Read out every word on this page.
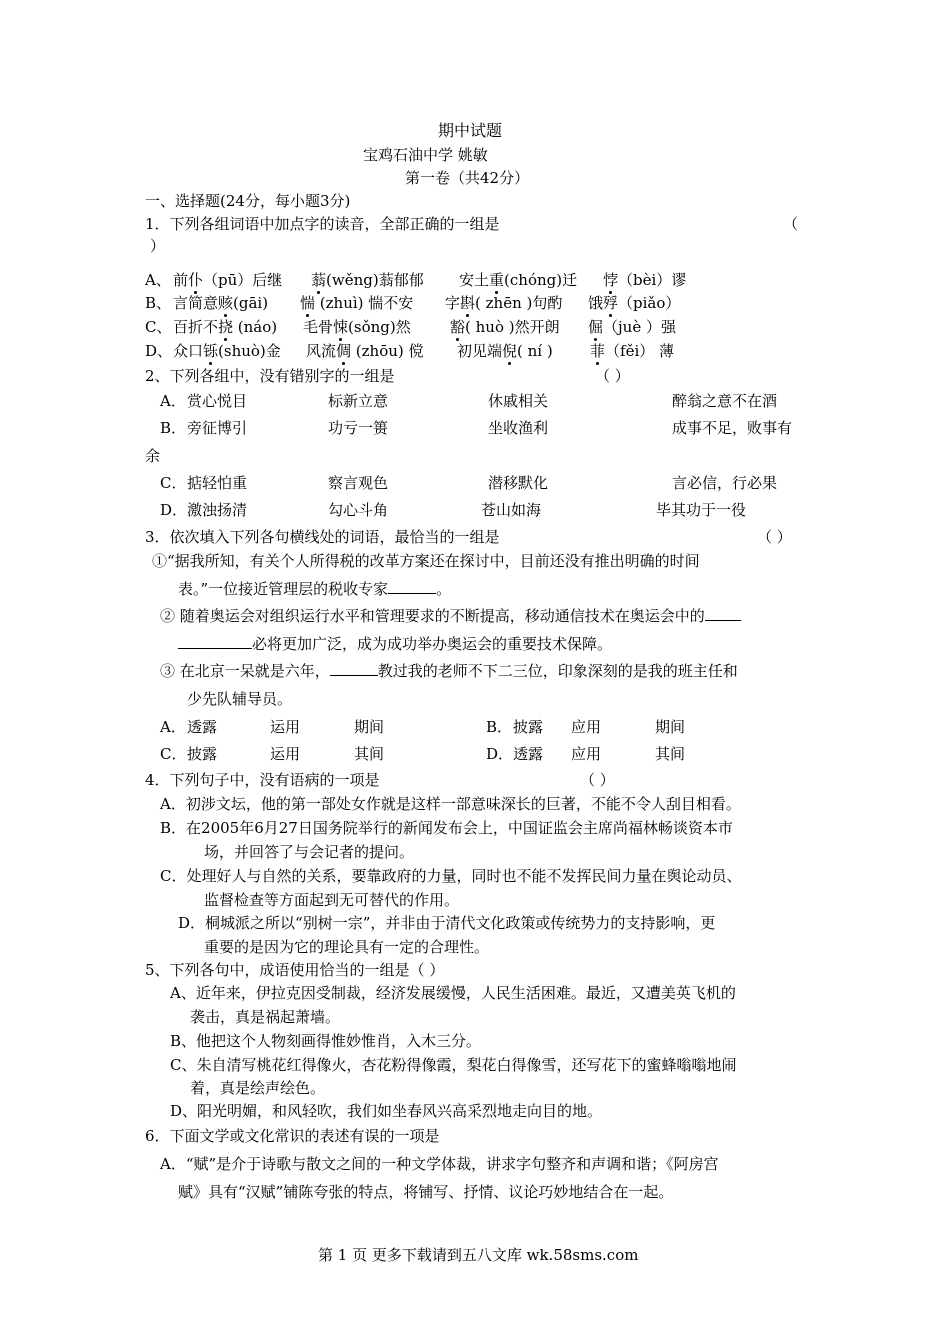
期中试题
宝鸡石油中学 姚敏
第一卷（共42分）
一、选择题(24分，每小题3分)
1．下列各组词语中加点字的读音，全部正确的一组是	（
）
A、 前仆（pū）后继 蓊(wěng)蓊郁郁 安土重(chóng)迁 悖（bèi）谬
B、 言简意赅(gāi) 惴 (zhuì) 惴不安 字斟( zhēn )句酌 饿殍（piǎo）
C、 百折不挠 (náo) 毛骨悚(sǒng)然	豁( huò )然开朗 倔（juè ）强
D、 众口铄(shuò)金 风流倜 (zhōu) 傥 初见端倪( ní ) 菲（fěi） 薄
2、下列各组中，没有错别字的一组是	（ ）
A． 赏心悦目	标新立意	休戚相关	醉翁之意不在酒
B． 旁征博引	功亏一篑	坐收渔利	成事不足，败事有
余
C． 掂轻怕重	察言观色	潜移默化	言必信，行必果
D． 激浊扬清	勾心斗角	苍山如海	毕其功于一役
3．依次填入下列各句横线处的词语，最恰当的一组是	（ ）
①“据我所知，有关个人所得税的改革方案还在探讨中，目前还没有推出明确的时间
表。”一位接近管理层的税收专家	。
② 随着奥运会对组织运行水平和管理要求的不断提高，移动通信技术在奥运会中的
必将更加广泛，成为成功举办奥运会的重要技术保障。
③ 在北京一呆就是六年，	教过我的老师不下二三位，印象深刻的是我的班主任和
少先队辅导员。
A． 透露	运用	期间	B． 披露 应用	期间
C． 披露	运用	其间	D． 透露 应用	其间
4．下列句子中，没有语病的一项是	（ ）
A．初涉文坛，他的第一部处女作就是这样一部意味深长的巨著，不能不令人刮目相看。
B．在2005年6月27日国务院举行的新闻发布会上，中国证监会主席尚福林畅谈资本市
场，并回答了与会记者的提问。
C．处理好人与自然的关系，要靠政府的力量，同时也不能不发挥民间力量在舆论动员、
监督检查等方面起到无可替代的作用。
D．桐城派之所以“别树一宗”，并非由于清代文化政策或传统势力的支持影响，更
重要的是因为它的理论具有一定的合理性。
5、下列各句中，成语使用恰当的一组是（ ）
A、近年来，伊拉克因受制裁，经济发展缓慢，人民生活困难。最近，又遭美英飞机的
袭击，真是祸起萧墙。
B、他把这个人物刻画得惟妙惟肖，入木三分。
C、朱自清写桃花红得像火，杏花粉得像霞，梨花白得像雪，还写花下的蜜蜂嗡嗡地闹
着，真是绘声绘色。
D、阳光明媚，和风轻吹，我们如坐春风兴高采烈地走向目的地。
6．下面文学或文化常识的表述有误的一项是
A．“赋”是介于诗歌与散文之间的一种文学体裁，讲求字句整齐和声调和谐；《阿房宫
赋》具有“汉赋”铺陈夸张的特点，将铺写、抒情、议论巧妙地结合在一起。
第 1 页 更多下载请到五八文库 wk.58sms.com
